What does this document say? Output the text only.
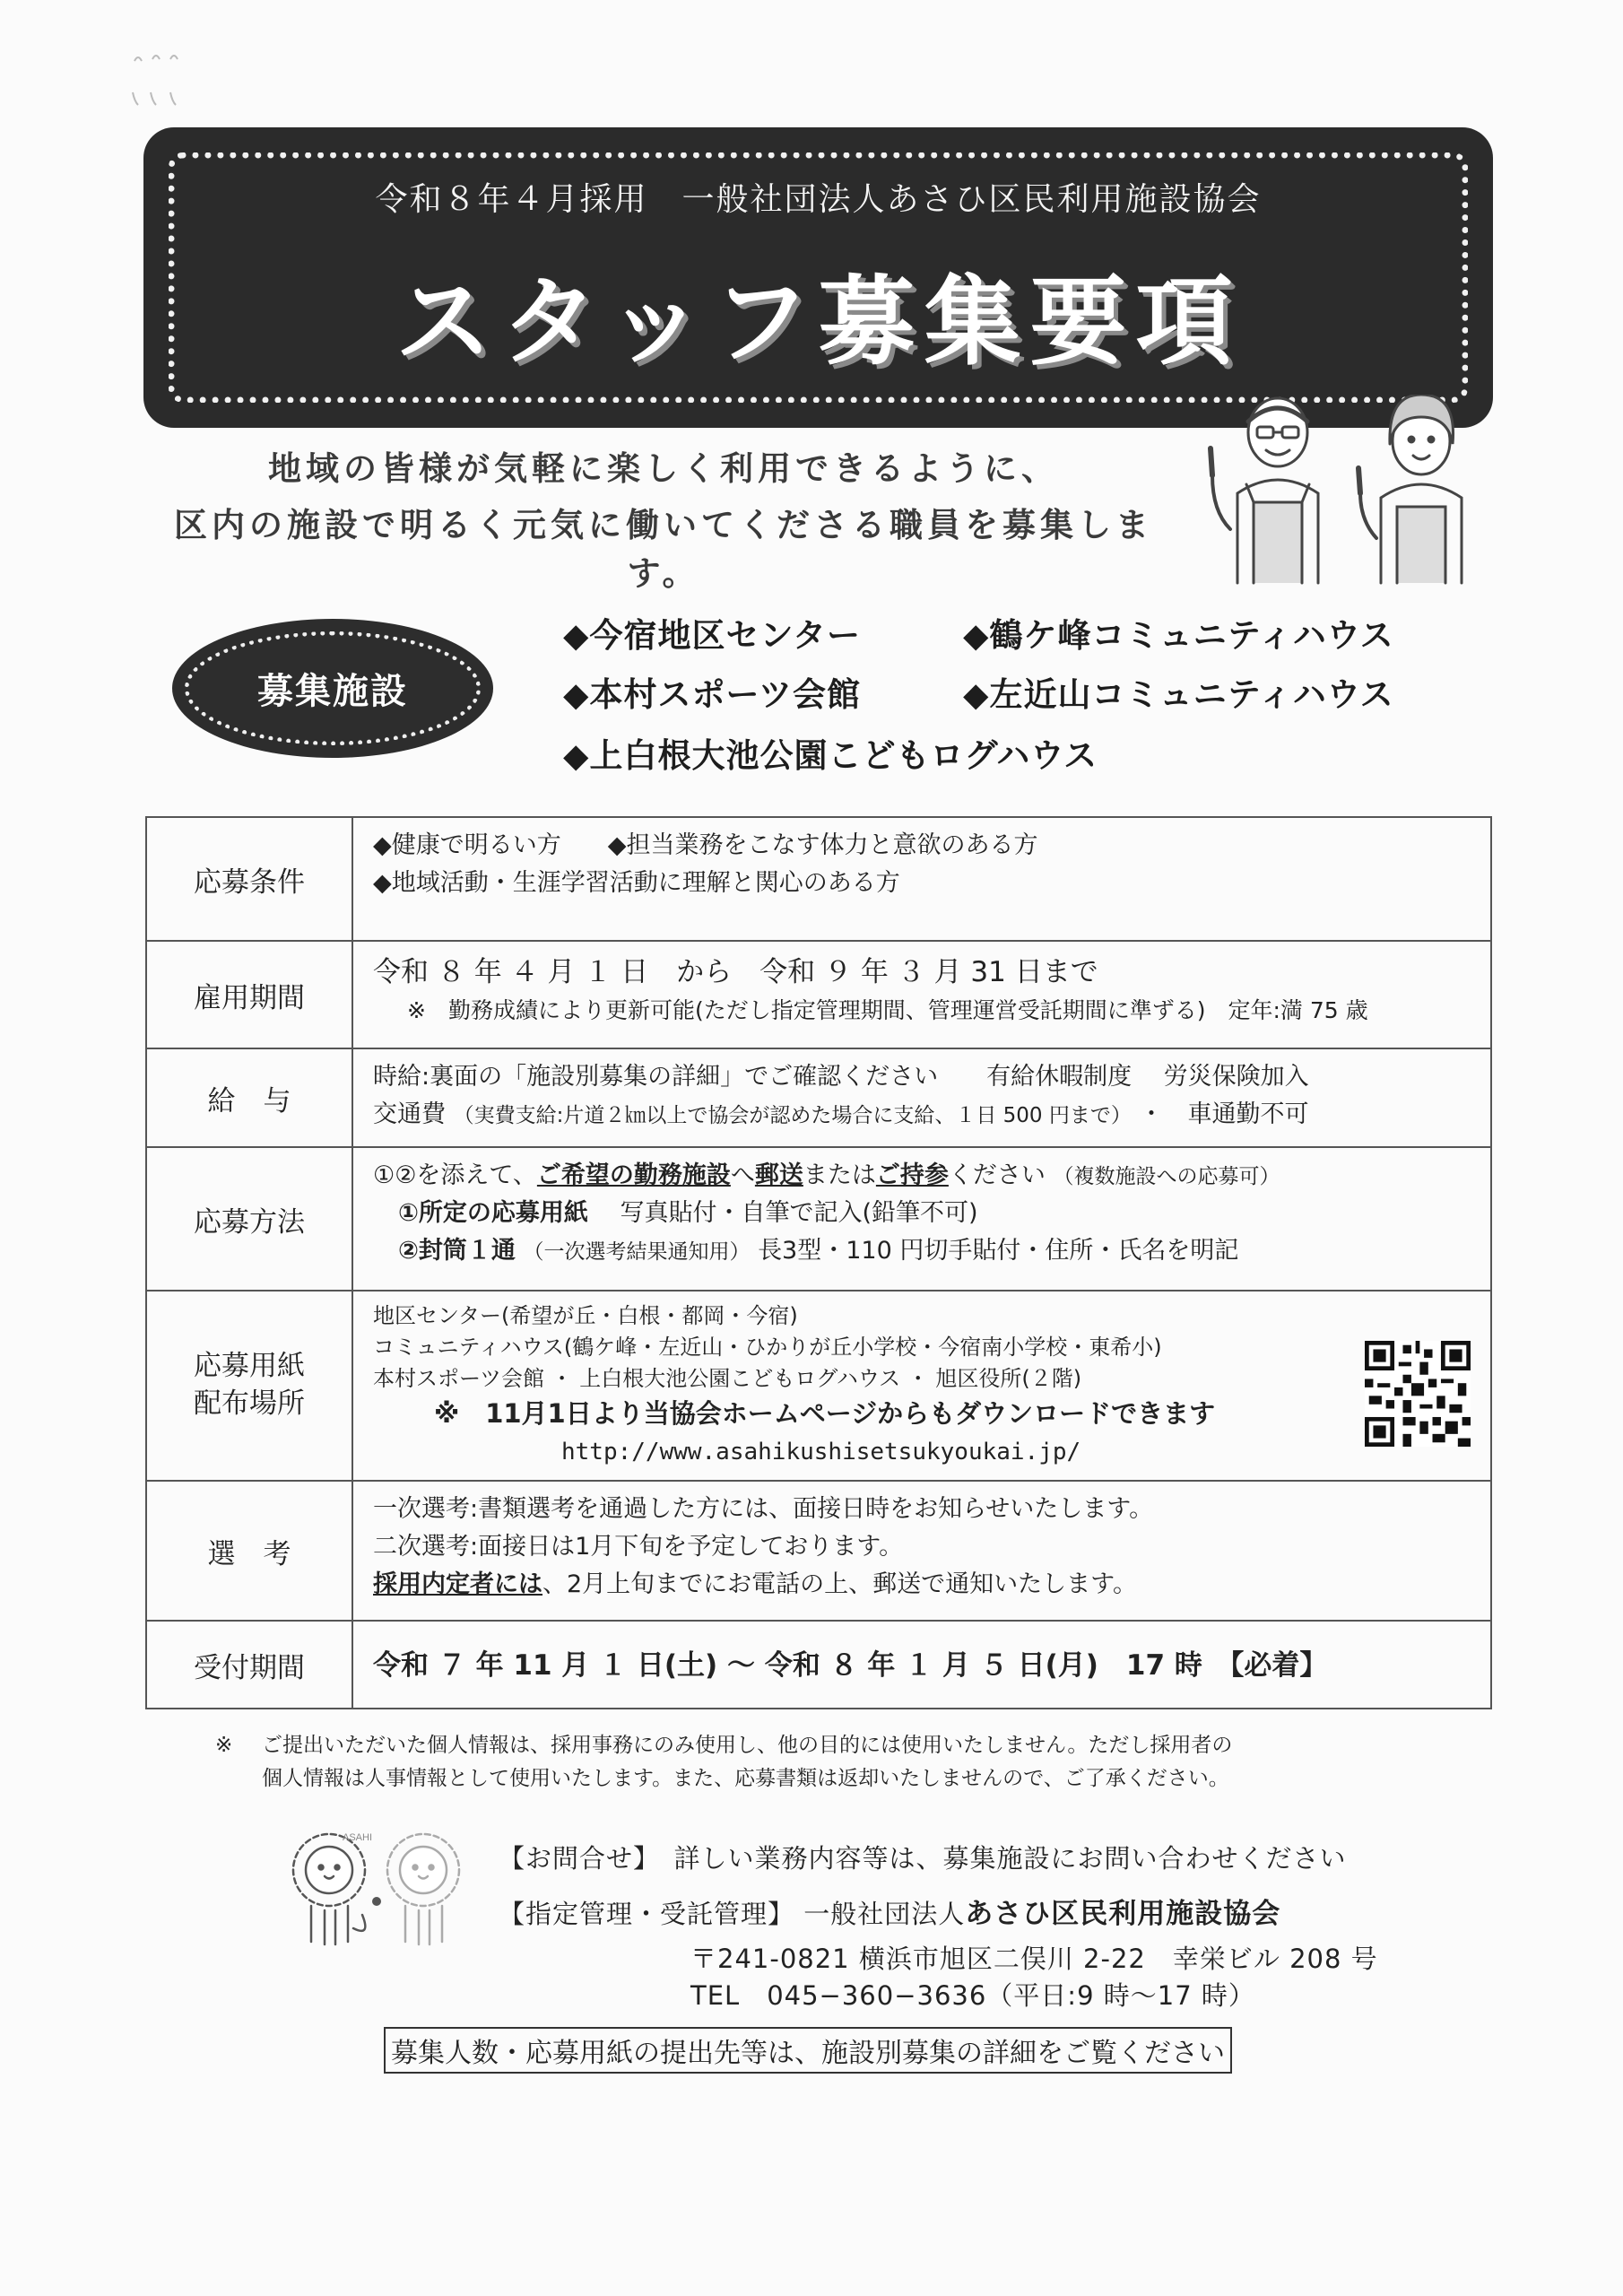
令和８年４月採用　一般社団法人あさひ区民利用施設協会
スタッフ募集要項
地域の皆様が気軽に楽しく利用できるように、
区内の施設で明るく元気に働いてくださる職員を募集します。
募集施設
◆今宿地区センター	◆鶴ケ峰コミュニティハウス
◆本村スポーツ会館	◆左近山コミュニティハウス
◆上白根大池公園こどもログハウス
応募条件	◆健康で明るい方 ◆担当業務をこなす体力と意欲のある方
◆地域活動・生涯学習活動に理解と関心のある方

雇用期間	令和 ８ 年 ４ 月 １ 日　から　令和 ９ 年 ３ 月 31 日まで
※　勤務成績により更新可能(ただし指定管理期間、管理運営受託期間に準ずる)　定年:満 75 歳

給　与	時給:裏面の「施設別募集の詳細」でご確認ください　　有給休暇制度　 労災保険加入
交通費 （実費支給:片道２㎞以上で協会が認めた場合に支給、１日 500 円まで） ・　車通勤不可

応募方法	①②を添えて、ご希望の勤務施設へ郵送またはご持参ください （複数施設への応募可）
①所定の応募用紙　 写真貼付・自筆で記入(鉛筆不可)
②封筒１通 （一次選考結果通知用） 長3型・110 円切手貼付・住所・氏名を明記

応募用紙
配布場所	地区センター(希望が丘・白根・都岡・今宿)
コミュニティハウス(鶴ケ峰・左近山・ひかりが丘小学校・今宿南小学校・東希小)
本村スポーツ会館 ・ 上白根大池公園こどもログハウス ・ 旭区役所(２階)
※　11月1日より当協会ホームページからもダウンロードできます
http://www.asahikushisetsukyoukai.jp/

選　考	一次選考:書類選考を通過した方には、面接日時をお知らせいたします。
二次選考:面接日は1月下旬を予定しております。
採用内定者には、2月上旬までにお電話の上、郵送で通知いたします。

受付期間	令和 ７ 年 11 月 １ 日(土) ～ 令和 ８ 年 １ 月 ５ 日(月)　17 時　【必着】
※ ご提出いただいた個人情報は、採用事務にのみ使用し、他の目的には使用いたしません。ただし採用者の
個人情報は人事情報として使用いたします。また、応募書類は返却いたしませんので、ご了承ください。
ASAHI
【お問合せ】　詳しい業務内容等は、募集施設にお問い合わせください
【指定管理・受託管理】 一般社団法人あさひ区民利用施設協会
〒241-0821 横浜市旭区二俣川 2-22　幸栄ビル 208 号
TEL　045−360−3636（平日:9 時～17 時）
募集人数・応募用紙の提出先等は、施設別募集の詳細をご覧ください
